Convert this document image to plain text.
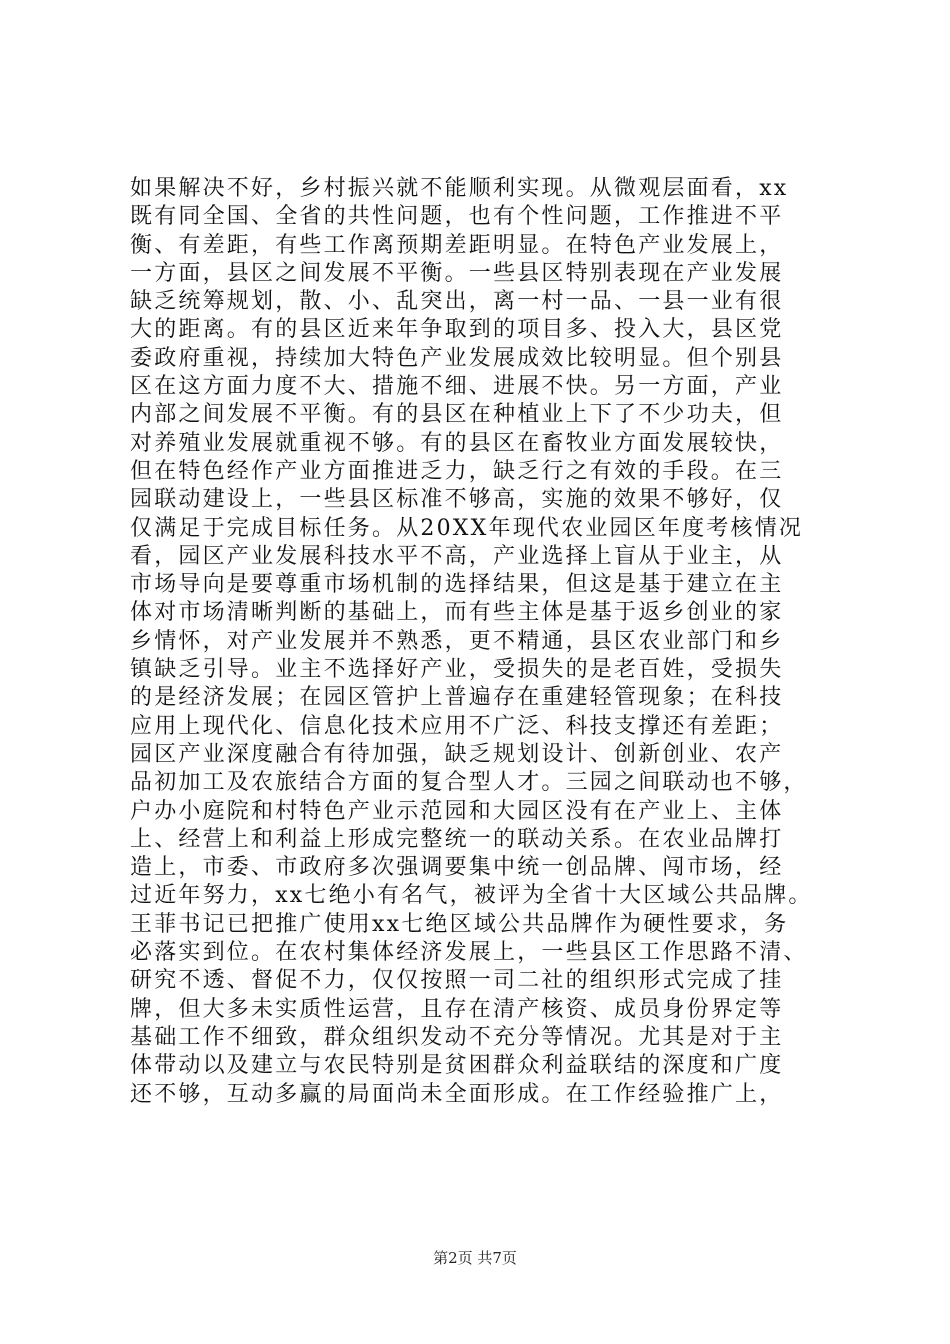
如果解决不好，乡村振兴就不能顺利实现。从微观层面看，xx
既有同全国、全省的共性问题，也有个性问题，工作推进不平
衡、有差距，有些工作离预期差距明显。在特色产业发展上，
一方面，县区之间发展不平衡。一些县区特别表现在产业发展
缺乏统筹规划，散、小、乱突出，离一村一品、一县一业有很
大的距离。有的县区近来年争取到的项目多、投入大，县区党
委政府重视，持续加大特色产业发展成效比较明显。但个别县
区在这方面力度不大、措施不细、进展不快。另一方面，产业
内部之间发展不平衡。有的县区在种植业上下了不少功夫，但
对养殖业发展就重视不够。有的县区在畜牧业方面发展较快，
但在特色经作产业方面推进乏力，缺乏行之有效的手段。在三
园联动建设上，一些县区标准不够高，实施的效果不够好，仅
仅满足于完成目标任务。从20XX年现代农业园区年度考核情况
看，园区产业发展科技水平不高，产业选择上盲从于业主，从
市场导向是要尊重市场机制的选择结果，但这是基于建立在主
体对市场清晰判断的基础上，而有些主体是基于返乡创业的家
乡情怀，对产业发展并不熟悉，更不精通，县区农业部门和乡
镇缺乏引导。业主不选择好产业，受损失的是老百姓，受损失
的是经济发展；在园区管护上普遍存在重建轻管现象；在科技
应用上现代化、信息化技术应用不广泛、科技支撑还有差距；
园区产业深度融合有待加强，缺乏规划设计、创新创业、农产
品初加工及农旅结合方面的复合型人才。三园之间联动也不够，
户办小庭院和村特色产业示范园和大园区没有在产业上、主体
上、经营上和利益上形成完整统一的联动关系。在农业品牌打
造上，市委、市政府多次强调要集中统一创品牌、闯市场，经
过近年努力，xx七绝小有名气，被评为全省十大区域公共品牌。
王菲书记已把推广使用xx七绝区域公共品牌作为硬性要求，务
必落实到位。在农村集体经济发展上，一些县区工作思路不清、
研究不透、督促不力，仅仅按照一司二社的组织形式完成了挂
牌，但大多未实质性运营，且存在清产核资、成员身份界定等
基础工作不细致，群众组织发动不充分等情况。尤其是对于主
体带动以及建立与农民特别是贫困群众利益联结的深度和广度
还不够，互动多赢的局面尚未全面形成。在工作经验推广上，
第2页 共7页
